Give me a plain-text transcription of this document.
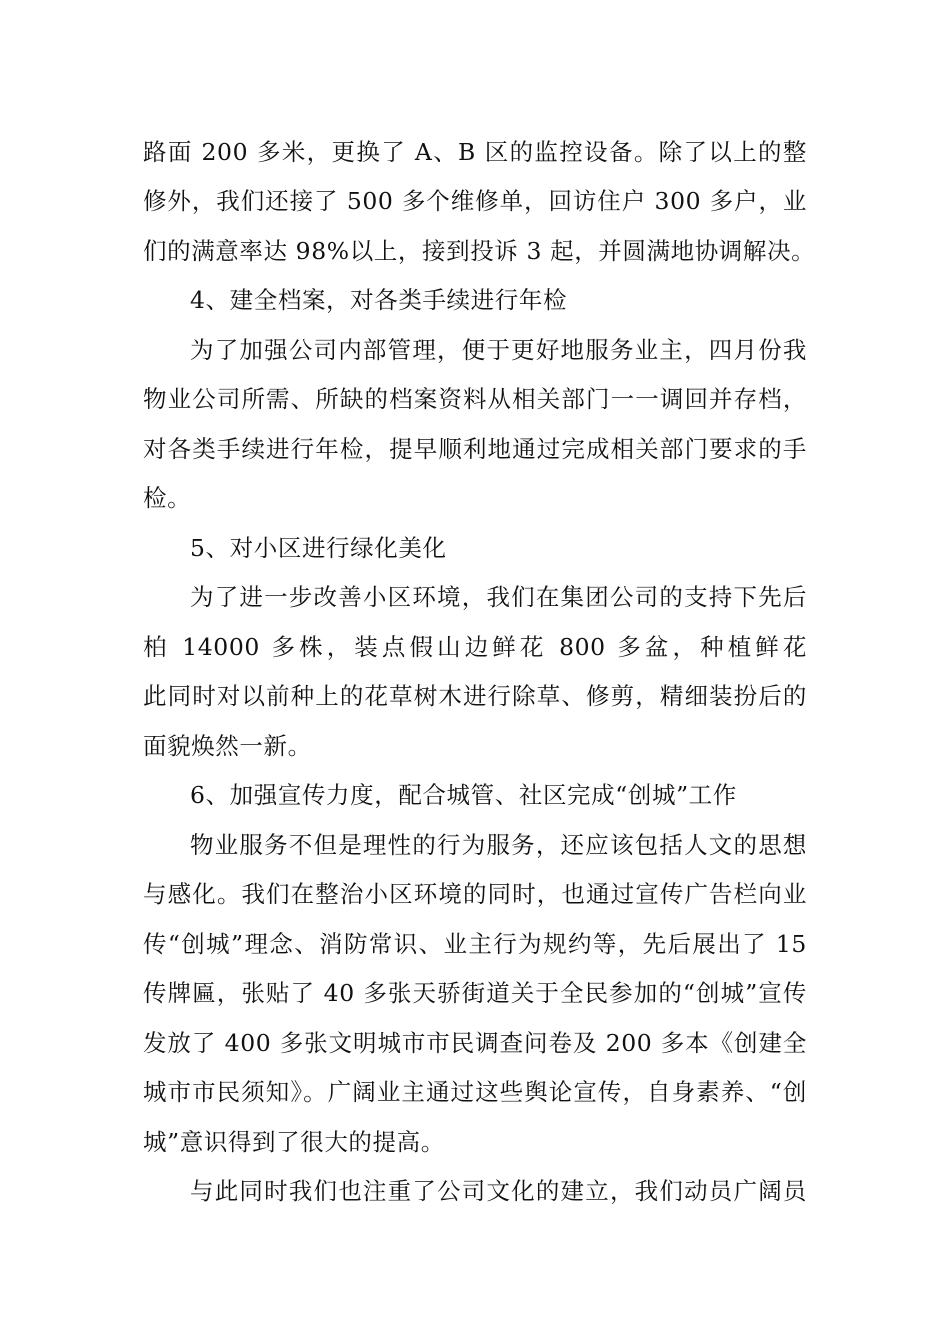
路面 200 多米，更换了 A、B 区的监控设备。除了以上的整
修外，我们还接了 500 多个维修单，回访住户 300 多户，业
们的满意率达 98%以上，接到投诉 3 起，并圆满地协调解决。
4、建全档案，对各类手续进行年检
为了加强公司内部管理，便于更好地服务业主，四月份我
物业公司所需、所缺的档案资料从相关部门一一调回并存档，
对各类手续进行年检，提早顺利地通过完成相关部门要求的手
检。
5、对小区进行绿化美化
为了进一步改善小区环境，我们在集团公司的支持下先后
柏 14000 多株，装点假山边鲜花 800 多盆，种植鲜花
此同时对以前种上的花草树木进行除草、修剪，精细装扮后的
面貌焕然一新。
6、加强宣传力度，配合城管、社区完成“创城”工作
物业服务不但是理性的行为服务，还应该包括人文的思想
与感化。我们在整治小区环境的同时，也通过宣传广告栏向业
传“创城”理念、消防常识、业主行为规约等，先后展出了 15
传牌匾，张贴了 40 多张天骄街道关于全民参加的“创城”宣传
发放了 400 多张文明城市市民调查问卷及 200 多本《创建全
城市市民须知》。广阔业主通过这些舆论宣传，自身素养、“创
城”意识得到了很大的提高。
与此同时我们也注重了公司文化的建立，我们动员广阔员
